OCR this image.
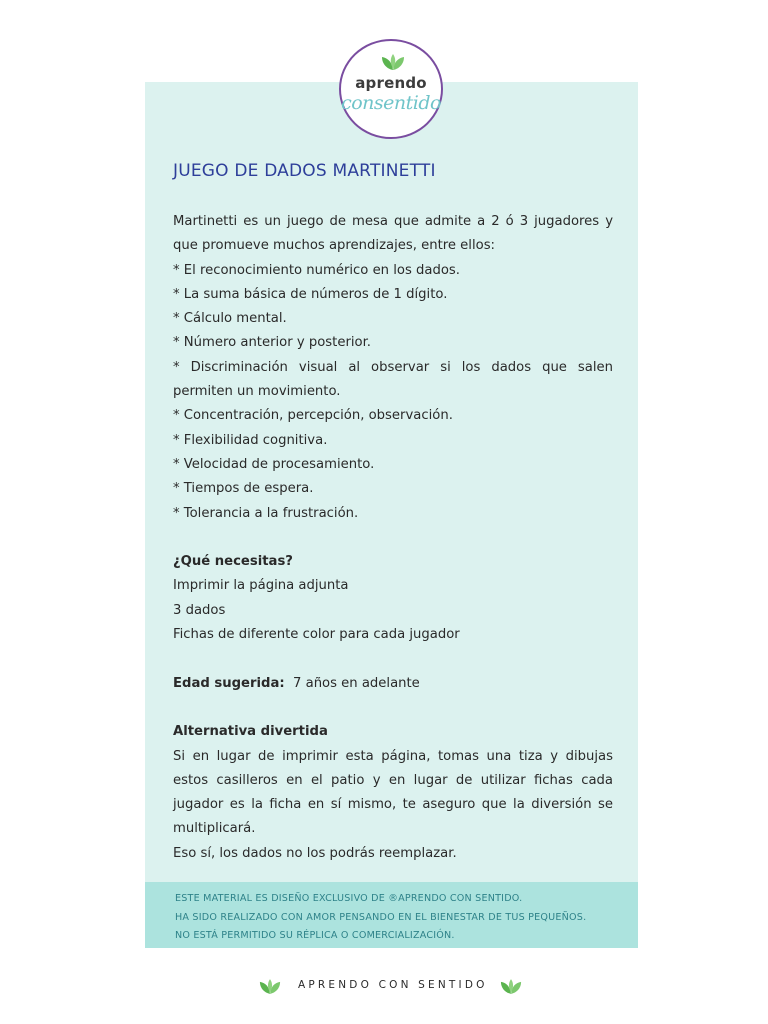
aprendo
consentido
JUEGO DE DADOS MARTINETTI

Martinetti es un juego de mesa que admite a 2 ó 3 jugadores y que promueve muchos aprendizajes, entre ellos:

* El reconocimiento numérico en los dados.

* La suma básica de números de 1 dígito.

* Cálculo mental.

* Número anterior y posterior.

* Discriminación visual al observar si los dados que salen permiten un movimiento.

* Concentración, percepción, observación.

* Flexibilidad cognitiva.

* Velocidad de procesamiento.

* Tiempos de espera.

* Tolerancia a la frustración.

¿Qué necesitas?

Imprimir la página adjunta

3 dados

Fichas de diferente color para cada jugador

Edad sugerida: 7 años en adelante

Alternativa divertida

Si en lugar de imprimir esta página, tomas una tiza y dibujas estos casilleros en el patio y en lugar de utilizar fichas cada jugador es la ficha en sí mismo, te aseguro que la diversión se multiplicará.

Eso sí, los dados no los podrás reemplazar.

ESTE MATERIAL ES DISEÑO EXCLUSIVO DE ®APRENDO CON SENTIDO.
HA SIDO REALIZADO CON AMOR PENSANDO EN EL BIENESTAR DE TUS PEQUEÑOS.
NO ESTÁ PERMITIDO SU RÉPLICA O COMERCIALIZACIÓN.
APRENDO CON SENTIDO
